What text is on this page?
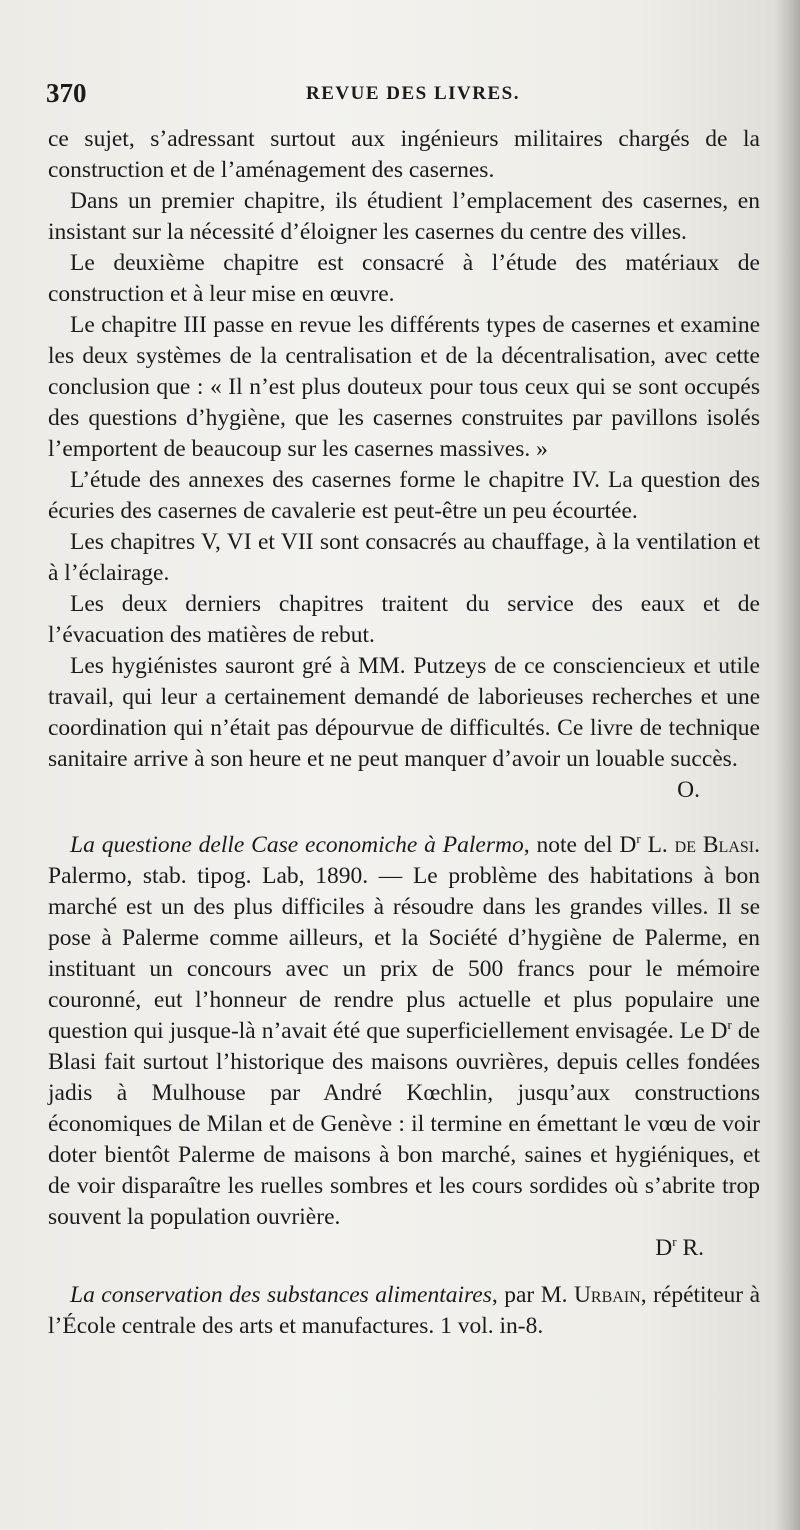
370	REVUE DES LIVRES.

ce sujet, s’adressant surtout aux ingénieurs militaires chargés de la construction et de l’aménagement des casernes.

Dans un premier chapitre, ils étudient l’emplacement des casernes, en insistant sur la nécessité d’éloigner les casernes du centre des villes.

Le deuxième chapitre est consacré à l’étude des matériaux de construction et à leur mise en œuvre.

Le chapitre III passe en revue les différents types de casernes et examine les deux systèmes de la centralisation et de la décentralisation, avec cette conclusion que : « Il n’est plus douteux pour tous ceux qui se sont occupés des questions d’hygiène, que les casernes construites par pavillons isolés l’emportent de beaucoup sur les casernes massives. »

L’étude des annexes des casernes forme le chapitre IV. La question des écuries des casernes de cavalerie est peut-être un peu écourtée.

Les chapitres V, VI et VII sont consacrés au chauffage, à la ventilation et à l’éclairage.

Les deux derniers chapitres traitent du service des eaux et de l’évacuation des matières de rebut.

Les hygiénistes sauront gré à MM. Putzeys de ce consciencieux et utile travail, qui leur a certainement demandé de laborieuses recherches et une coordination qui n’était pas dépourvue de difficultés. Ce livre de technique sanitaire arrive à son heure et ne peut manquer d’avoir un louable succès.

O.

La questione delle Case economiche à Palermo, note del $D^r$ L. de Blasi. Palermo, stab. tipog. Lab, 1890. — Le problème des habitations à bon marché est un des plus difficiles à résoudre dans les grandes villes. Il se pose à Palerme comme ailleurs, et la Société d’hygiène de Palerme, en instituant un concours avec un prix de 500 francs pour le mémoire couronné, eut l’honneur de rendre plus actuelle et plus populaire une question qui jusque-là n’avait été que superficiellement envisagée. Le $D^r$ de Blasi fait surtout l’historique des maisons ouvrières, depuis celles fondées jadis à Mulhouse par André Kœchlin, jusqu’aux constructions économiques de Milan et de Genève : il termine en émettant le vœu de voir doter bientôt Palerme de maisons à bon marché, saines et hygiéniques, et de voir disparaître les ruelles sombres et les cours sordides où s’abrite trop souvent la population ouvrière.

$D^r$ R.

La conservation des substances alimentaires, par M. Urbain, répétiteur à l’École centrale des arts et manufactures. 1 vol. in-8.
